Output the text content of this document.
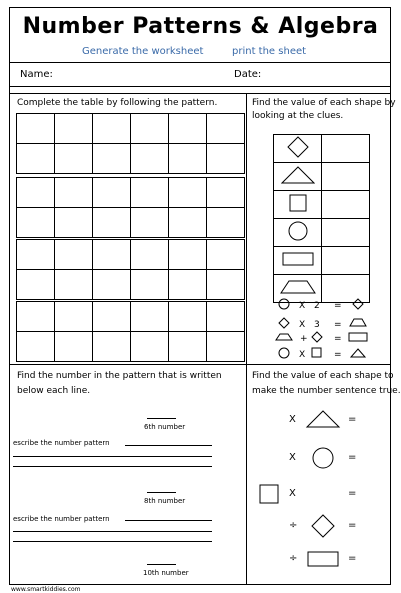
Number Patterns & Algebra
Generate the worksheet	print the sheet
Name:	Date:
Complete the table by following the pattern.

						Find the value of each shape by
looking at the clues.

X 2 =
X 3 =
+	=
X	=
Find the number in the pattern that is written
below each line.
6th number
escribe the number pattern
8th number
escribe the number pattern
10th number
Find the value of each shape to
make the number sentence true.
X	=
X	=
X	=
÷	=
÷	=
www.smartkiddies.com
